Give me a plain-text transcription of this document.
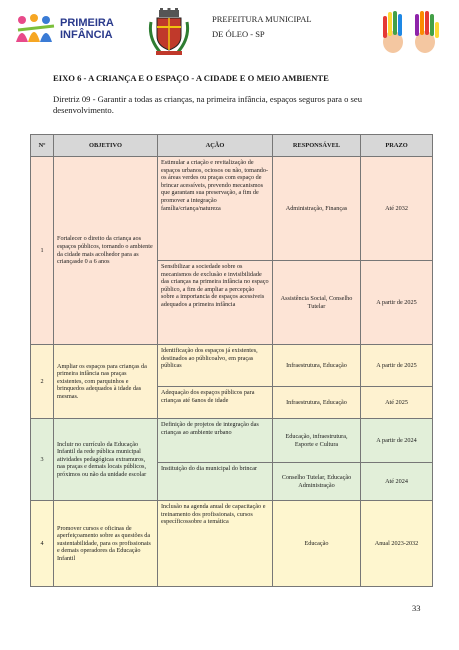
PRIMEIRA
INFÂNCIA
PREFEITURA MUNICIPAL
DE ÓLEO - SP
EIXO 6 - A CRIANÇA E O ESPAÇO - A CIDADE E O MEIO AMBIENTE
Diretriz 09 - Garantir a todas as crianças, na primeira infância, espaços seguros para o seu desenvolvimento.
Nº	OBJETIVO	AÇÃO	RESPONSÁVEL	PRAZO
1	Fortalecer o direito da criança aos espaços públicos, tornando o ambiente da cidade mais acolhedor para as criançasde 0 a 6 anos	Estimular a criação e revitalização de espaços urbanos, ociosos ou não, tomando-os áreas verdes ou praças com espaço de brincar acessíveis, prevendo mecanismos que garantam sua preservação, a fim de promover a integração família/criança/natureza	Administração, Finanças	Até 2032
		Sensibilizar a sociedade sobre os mecanismos de exclusão e invisibilidade das crianças na primeira infância no espaço público, a fim de ampliar a percepção sobre a importancia de espaços acessiveis adequados a primeira infância	Assistência Social, Conselho Tutelar	A partir de 2025
2	Ampliar os espaços para crianças da primeira infância nas praças existentes, com parquinhos e brinquedos adequados à idade das mesmas.	Identificação dos espaços já existentes, destinados ao públicoalvo, em praças públicas	Infraestrutura, Educação	A partir de 2025
		Adequação dos espaços públicos para crianças até 6anos de idade	Infraestrutura, Educação	Até 2025
3	Incluir no currículo da Educação Infantil da rede pública municipal atividades pedagógicas extramuros, nas praças e demais locais públicos, próximos ou não da unidade escolar	Definição de projetos de integração das crianças ao ambiente urbano	Educação, infraestrutura, Esporte e Cultura	A partir de 2024
		Instituição do dia municipal do brincar	Conselho Tutelar, Educação Administração	Até 2024
4	Promover cursos e oficinas de aperfeiçoamento sobre as questões da sustentabilidade, para os profissionais e demais operadores da Educação Infantil	Inclusão na agenda anual de capacitação e treinamento dos profissionais, cursos específicossobre a temática	Educação	Anual 2023-2032
33
